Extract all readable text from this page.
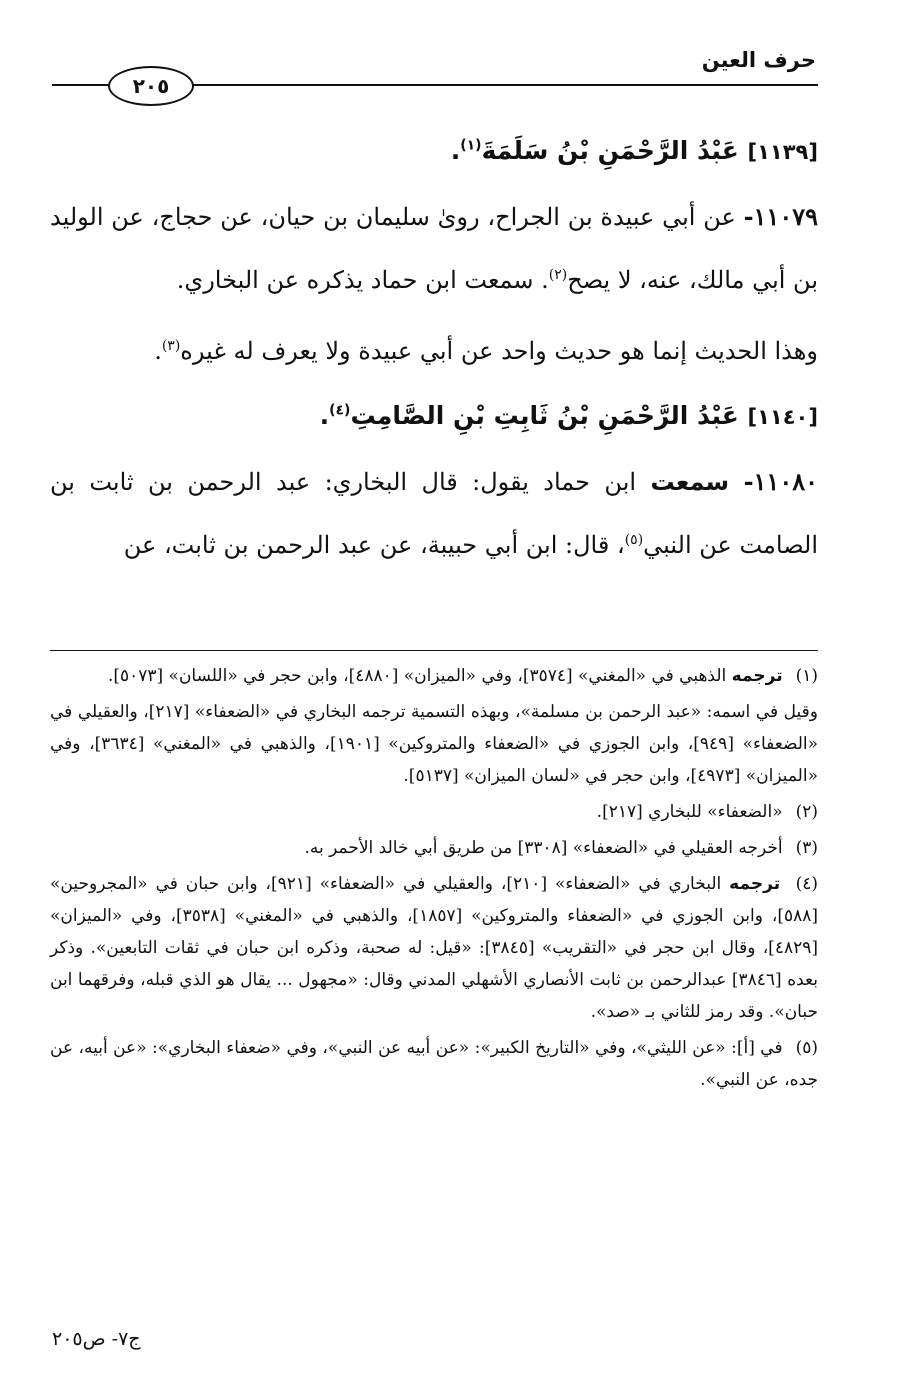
حرف العين
٢٠٥

[١١٣٩] عَبْدُ الرَّحْمَنِ بْنُ سَلَمَةَ$^{(١)}$.

١١٠٧٩- عن أبي عبيدة بن الجراح، روىٰ سليمان بن حيان، عن حجاج، عن الوليد بن أبي مالك، عنه، لا يصح$^{(٢)}$. سمعت ابن حماد يذكره عن البخاري.

وهذا الحديث إنما هو حديث واحد عن أبي عبيدة ولا يعرف له غيره$^{(٣)}$.

[١١٤٠] عَبْدُ الرَّحْمَنِ بْنُ ثَابِتِ بْنِ الصَّامِتِ$^{(٤)}$.

١١٠٨٠- سمعت ابن حماد يقول: قال البخاري: عبد الرحمن بن ثابت بن الصامت عن النبي$^{(٥)}$، قال: ابن أبي حبيبة، عن عبد الرحمن بن ثابت، عن

(١) ترجمه الذهبي في «المغني» [٣٥٧٤]، وفي «الميزان» [٤٨٨٠]، وابن حجر في «اللسان» [٥٠٧٣].

وقيل في اسمه: «عبد الرحمن بن مسلمة»، وبهذه التسمية ترجمه البخاري في «الضعفاء» [٢١٧]، والعقيلي في «الضعفاء» [٩٤٩]، وابن الجوزي في «الضعفاء والمتروكين» [١٩٠١]، والذهبي في «المغني» [٣٦٣٤]، وفي «الميزان» [٤٩٧٣]، وابن حجر في «لسان الميزان» [٥١٣٧].

(٢) «الضعفاء» للبخاري [٢١٧].

(٣) أخرجه العقيلي في «الضعفاء» [٣٣٠٨] من طريق أبي خالد الأحمر به.

(٤) ترجمه البخاري في «الضعفاء» [٢١٠]، والعقيلي في «الضعفاء» [٩٢١]، وابن حبان في «المجروحين» [٥٨٨]، وابن الجوزي في «الضعفاء والمتروكين» [١٨٥٧]، والذهبي في «المغني» [٣٥٣٨]، وفي «الميزان» [٤٨٢٩]، وقال ابن حجر في «التقريب» [٣٨٤٥]: «قيل: له صحبة، وذكره ابن حبان في ثقات التابعين». وذكر بعده [٣٨٤٦] عبدالرحمن بن ثابت الأنصاري الأشهلي المدني وقال: «مجهول ... يقال هو الذي قبله، وفرقهما ابن حبان». وقد رمز للثاني بـ «صد».

(٥) في [أ]: «عن الليثي»، وفي «التاريخ الكبير»: «عن أبيه عن النبي»، وفي «ضعفاء البخاري»: «عن أبيه، عن جده، عن النبي».

ج٧- ص٢٠٥
